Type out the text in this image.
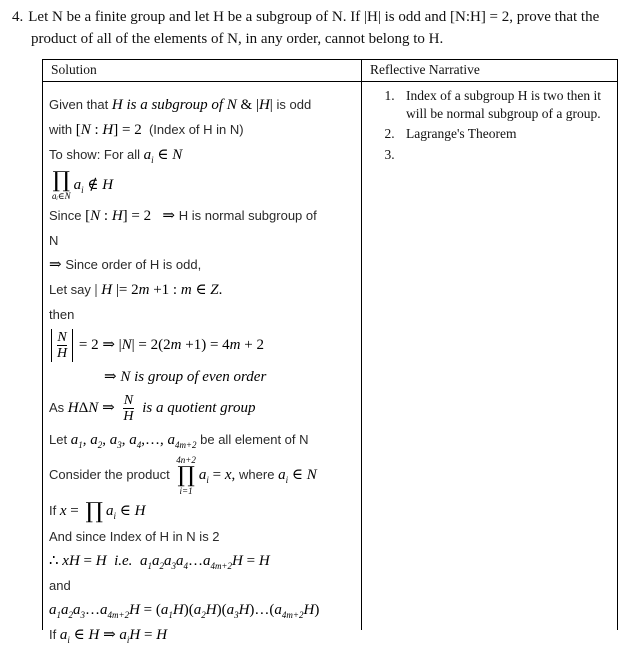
4. Let N be a finite group and let H be a subgroup of N. If |H| is odd and [N:H] = 2, prove that the product of all of the elements of N, in any order, cannot belong to H.

Solution	Reflective Narrative
Given that H is a subgroup of N & |H| is odd
with [N : H] = 2  (Index of H in N)
To show: For all $a_i$ ∈ N
∏
aᵢ∈N
$a_i$ ∉ H
Since [N : H] = 2   ⇒ H is normal subgroup of
N
⇒ Since order of H is odd,
Let say | H |= 2m +1 : m ∈ Z.
then
$\frac{N}{H} = 2$ ⇒ |N| = 2(2m +1) = 4m + 2
⇒ N is group of even order
As HΔN ⇒ $\frac{N}{H}$ is a quotient group
Let $a_1$, $a_2$, $a_3$, $a_4,\dots$, $a_{4m+2}$ be all element of N
Consider the product
4n+2
∏
i=1
$a_i = x$, where $a_i$ ∈ N
If x = ∏ $a_i$ ∈ H
And since Index of H in N is 2
∴ xH = H i.e. $a_1a_2a_3a_4\dots a_{4m+2}H = H$
and
$a_1a_2a_3\dots a_{4m+2}H$ = $(a_1H)(a_2H)(a_3H)\dots(a_{4m+2}H)$
If $a_i$ ∈ H ⇒ $a_iH = H$
1. Index of a subgroup H is two then it will be normal subgroup of a group.
2. Lagrange's Theorem
3.
